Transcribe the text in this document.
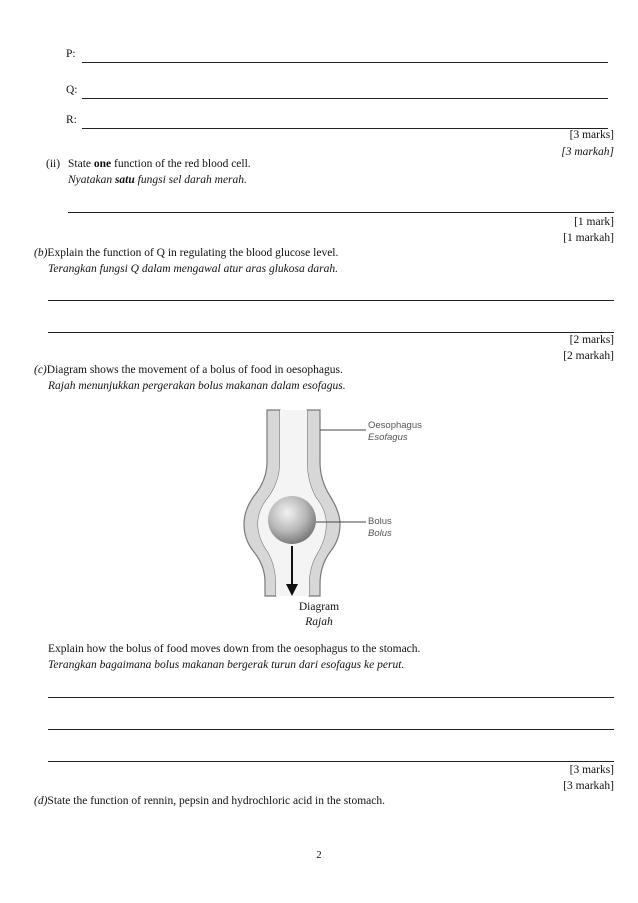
P:
Q:
R:
[3 marks]
[3 markah]
(ii) State one function of the red blood cell.
Nyatakan satu fungsi sel darah merah.
[1 mark]
[1 markah]
(b)Explain the function of Q in regulating the blood glucose level.
Terangkan fungsi Q dalam mengawal atur aras glukosa darah.
[2 marks]
[2 markah]
(c)Diagram shows the movement of a bolus of food in oesophagus.
Rajah menunjukkan pergerakan bolus makanan dalam esofagus.
Oesophagus
Esofagus
Bolus
Bolus
Diagram
Rajah
Explain how the bolus of food moves down from the oesophagus to the stomach.
Terangkan bagaimana bolus makanan bergerak turun dari esofagus ke perut.
[3 marks]
[3 markah]
(d)State the function of rennin, pepsin and hydrochloric acid in the stomach.
2
